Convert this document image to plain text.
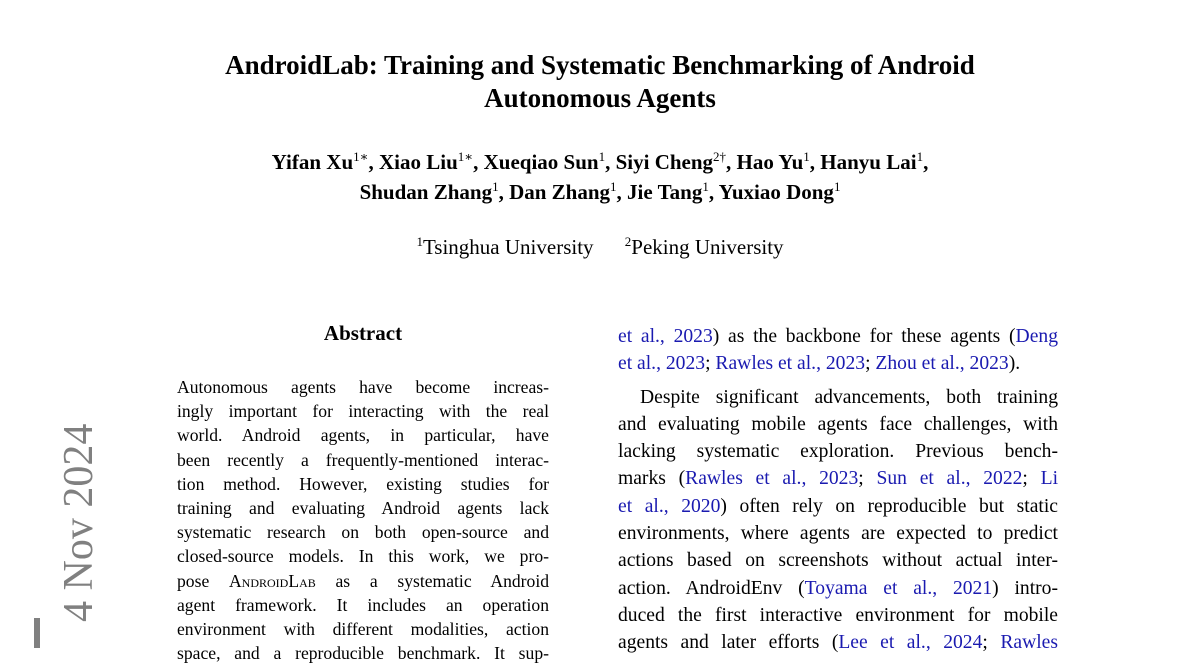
AndroidLab: Training and Systematic Benchmarking of Android
Autonomous Agents
Yifan $Xu^{1∗}$, Xiao Liu$^{1∗}$, Xueqiao Sun$^1$, Siyi Cheng$^{2\dagger}$, Hao Yu$^1$, Hanyu Lai$^1$,
Shudan Zhang$^1$, Dan Zhang$^1$, Jie Tang$^1$, Yuxiao Dong$^1$
$^1$Tsinghua University $^2$Peking University
Abstract
Autonomous agents have become increas-
ingly important for interacting with the real
world. Android agents, in particular, have
been recently a frequently-mentioned interac-
tion method. However, existing studies for
training and evaluating Android agents lack
systematic research on both open-source and
closed-source models. In this work, we pro-
pose AndroidLab as a systematic Android
agent framework. It includes an operation
environment with different modalities, action
space, and a reproducible benchmark. It sup-
et al., 2023) as the backbone for these agents (Deng
et al., 2023; Rawles et al., 2023; Zhou et al., 2023).
Despite significant advancements, both training
and evaluating mobile agents face challenges, with
lacking systematic exploration. Previous bench-
marks (Rawles et al., 2023; Sun et al., 2022; Li
et al., 2020) often rely on reproducible but static
environments, where agents are expected to predict
actions based on screenshots without actual inter-
action. AndroidEnv (Toyama et al., 2021) intro-
duced the first interactive environment for mobile
agents and later efforts (Lee et al., 2024; Rawles
4 Nov 2024
